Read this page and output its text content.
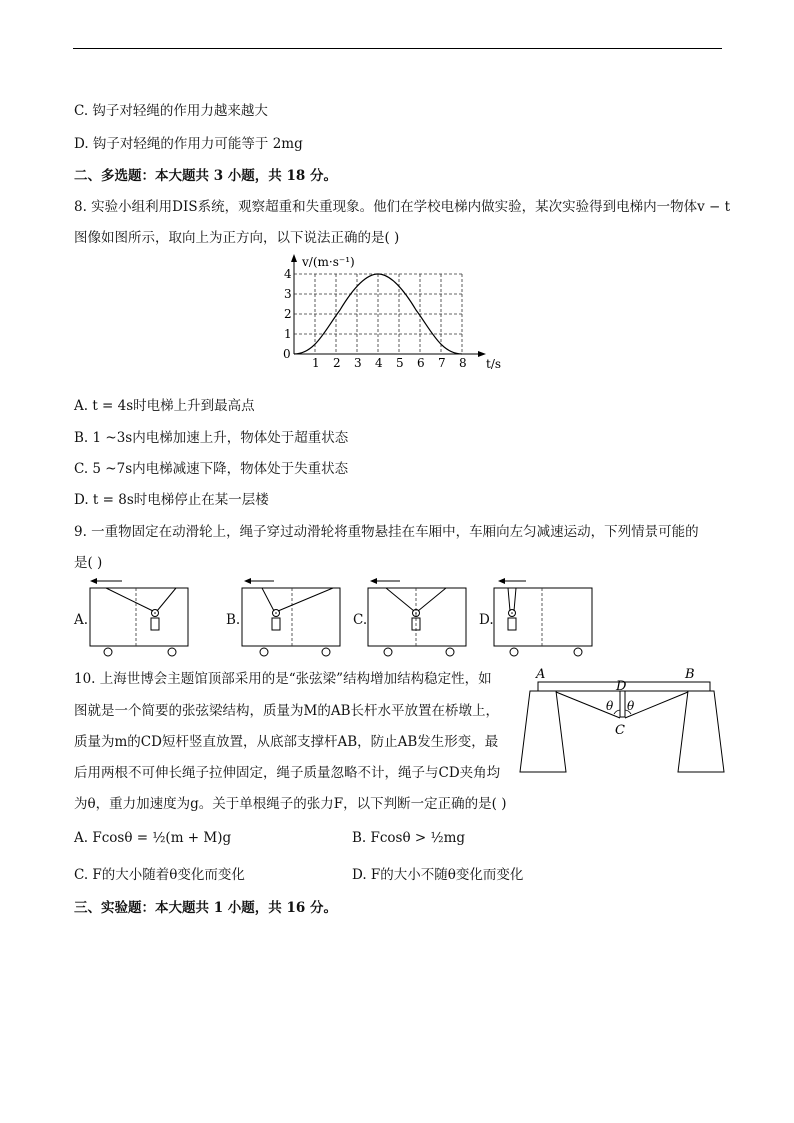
C. 钩子对轻绳的作用力越来越大
D. 钩子对轻绳的作用力可能等于 2mg
二、多选题：本大题共 3 小题，共 18 分。
8. 实验小组利用DIS系统，观察超重和失重现象。他们在学校电梯内做实验，某次实验得到电梯内一物体v − t
图像如图所示，取向上为正方向，以下说法正确的是( )
v/(m·s⁻¹)
t/s
0
1
2
3
4
1 2 3 4 5 6 7 8
A. t = 4s时电梯上升到最高点
B. 1 ~3s内电梯加速上升，物体处于超重状态
C. 5 ~7s内电梯减速下降，物体处于失重状态
D. t = 8s时电梯停止在某一层楼
9. 一重物固定在动滑轮上，绳子穿过动滑轮将重物悬挂在车厢中，车厢向左匀减速运动，下列情景可能的
是( )
A.	B.	C.	D.
10. 上海世博会主题馆顶部采用的是“张弦梁”结构增加结构稳定性，如
图就是一个简要的张弦梁结构，质量为M的AB长杆水平放置在桥墩上，
质量为m的CD短杆竖直放置，从底部支撑杆AB，防止AB发生形变，最
后用两根不可伸长绳子拉伸固定，绳子质量忽略不计，绳子与CD夹角均
为θ，重力加速度为g。关于单根绳子的张力F，以下判断一定正确的是( )
A	B
D
C
θ θ
A. Fcosθ = ½(m + M)g	B. Fcosθ > ½mg
C. F的大小随着θ变化而变化	D. F的大小不随θ变化而变化
三、实验题：本大题共 1 小题，共 16 分。
